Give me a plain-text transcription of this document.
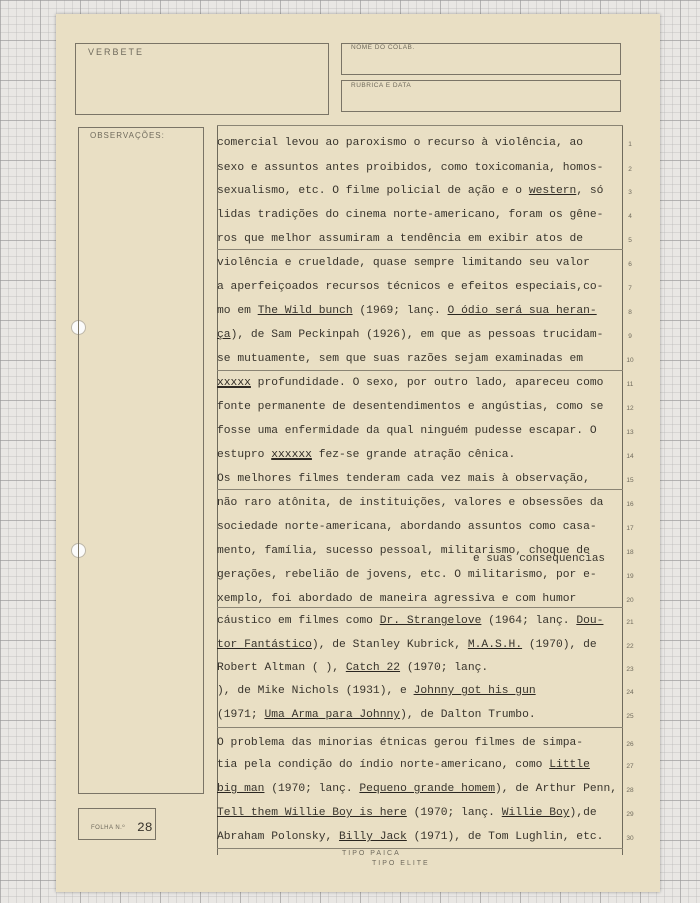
VERBETE	NOME DO COLAB.
RUBRICA E DATA
OBSERVAÇÕES:
FOLHA N.º 28
comercial levou ao paroxismo o recurso à violência, ao
sexo e assuntos antes proibidos, como toxicomania, homos-
sexualismo, etc. O filme policial de ação e o western, só
lidas tradições do cinema norte-americano, foram os gêne-
ros que melhor assumiram a tendência em exibir atos de
violência e crueldade, quase sempre limitando seu valor
a aperfeiçoados recursos técnicos e efeitos especiais,co-
mo em The Wild bunch (1969; lanç. O ódio será sua heran-
ça), de Sam Peckinpah (1926), em que as pessoas trucidam-
se mutuamente, sem que suas razões sejam examinadas em
xxxxx profundidade. O sexo, por outro lado, apareceu como
fonte permanente de desentendimentos e angústias, como se
fosse uma enfermidade da qual ninguém pudesse escapar. O
estupro xxxxxx fez-se grande atração cênica.
Os melhores filmes tenderam cada vez mais à observação,
não raro atônita, de instituições, valores e obsessões da
sociedade norte-americana, abordando assuntos como casa-
mento, família, sucesso pessoal, militarismo, choque de
gerações, rebelião de jovens, etc. O militarismo, por e-
xemplo, foi abordado de maneira agressiva e com humor
cáustico em filmes como Dr. Strangelove (1964; lanç. Dou-
tor Fantástico), de Stanley Kubrick, M.A.S.H. (1970), de
Robert Altman ( ), Catch 22 (1970; lanç.
), de Mike Nichols (1931), e Johnny got his gun
(1971; Uma Arma para Johnny), de Dalton Trumbo.
O problema das minorias étnicas gerou filmes de simpa-
tia pela condição do índio norte-americano, como Little
big man (1970; lanç. Pequeno grande homem), de Arthur Penn,
Tell them Willie Boy is here (1970; lanç. Willie Boy),de
Abraham Polonsky, Billy Jack (1971), de Tom Lughlin, etc.
1
2
3
4
5
6
7
8
9
10
11
12
13
14
15
16
17
18
19
20
21
22
23
24
25
26
27
28
29
30
e suas consequencias
TIPO PAICA
TIPO ELITE
